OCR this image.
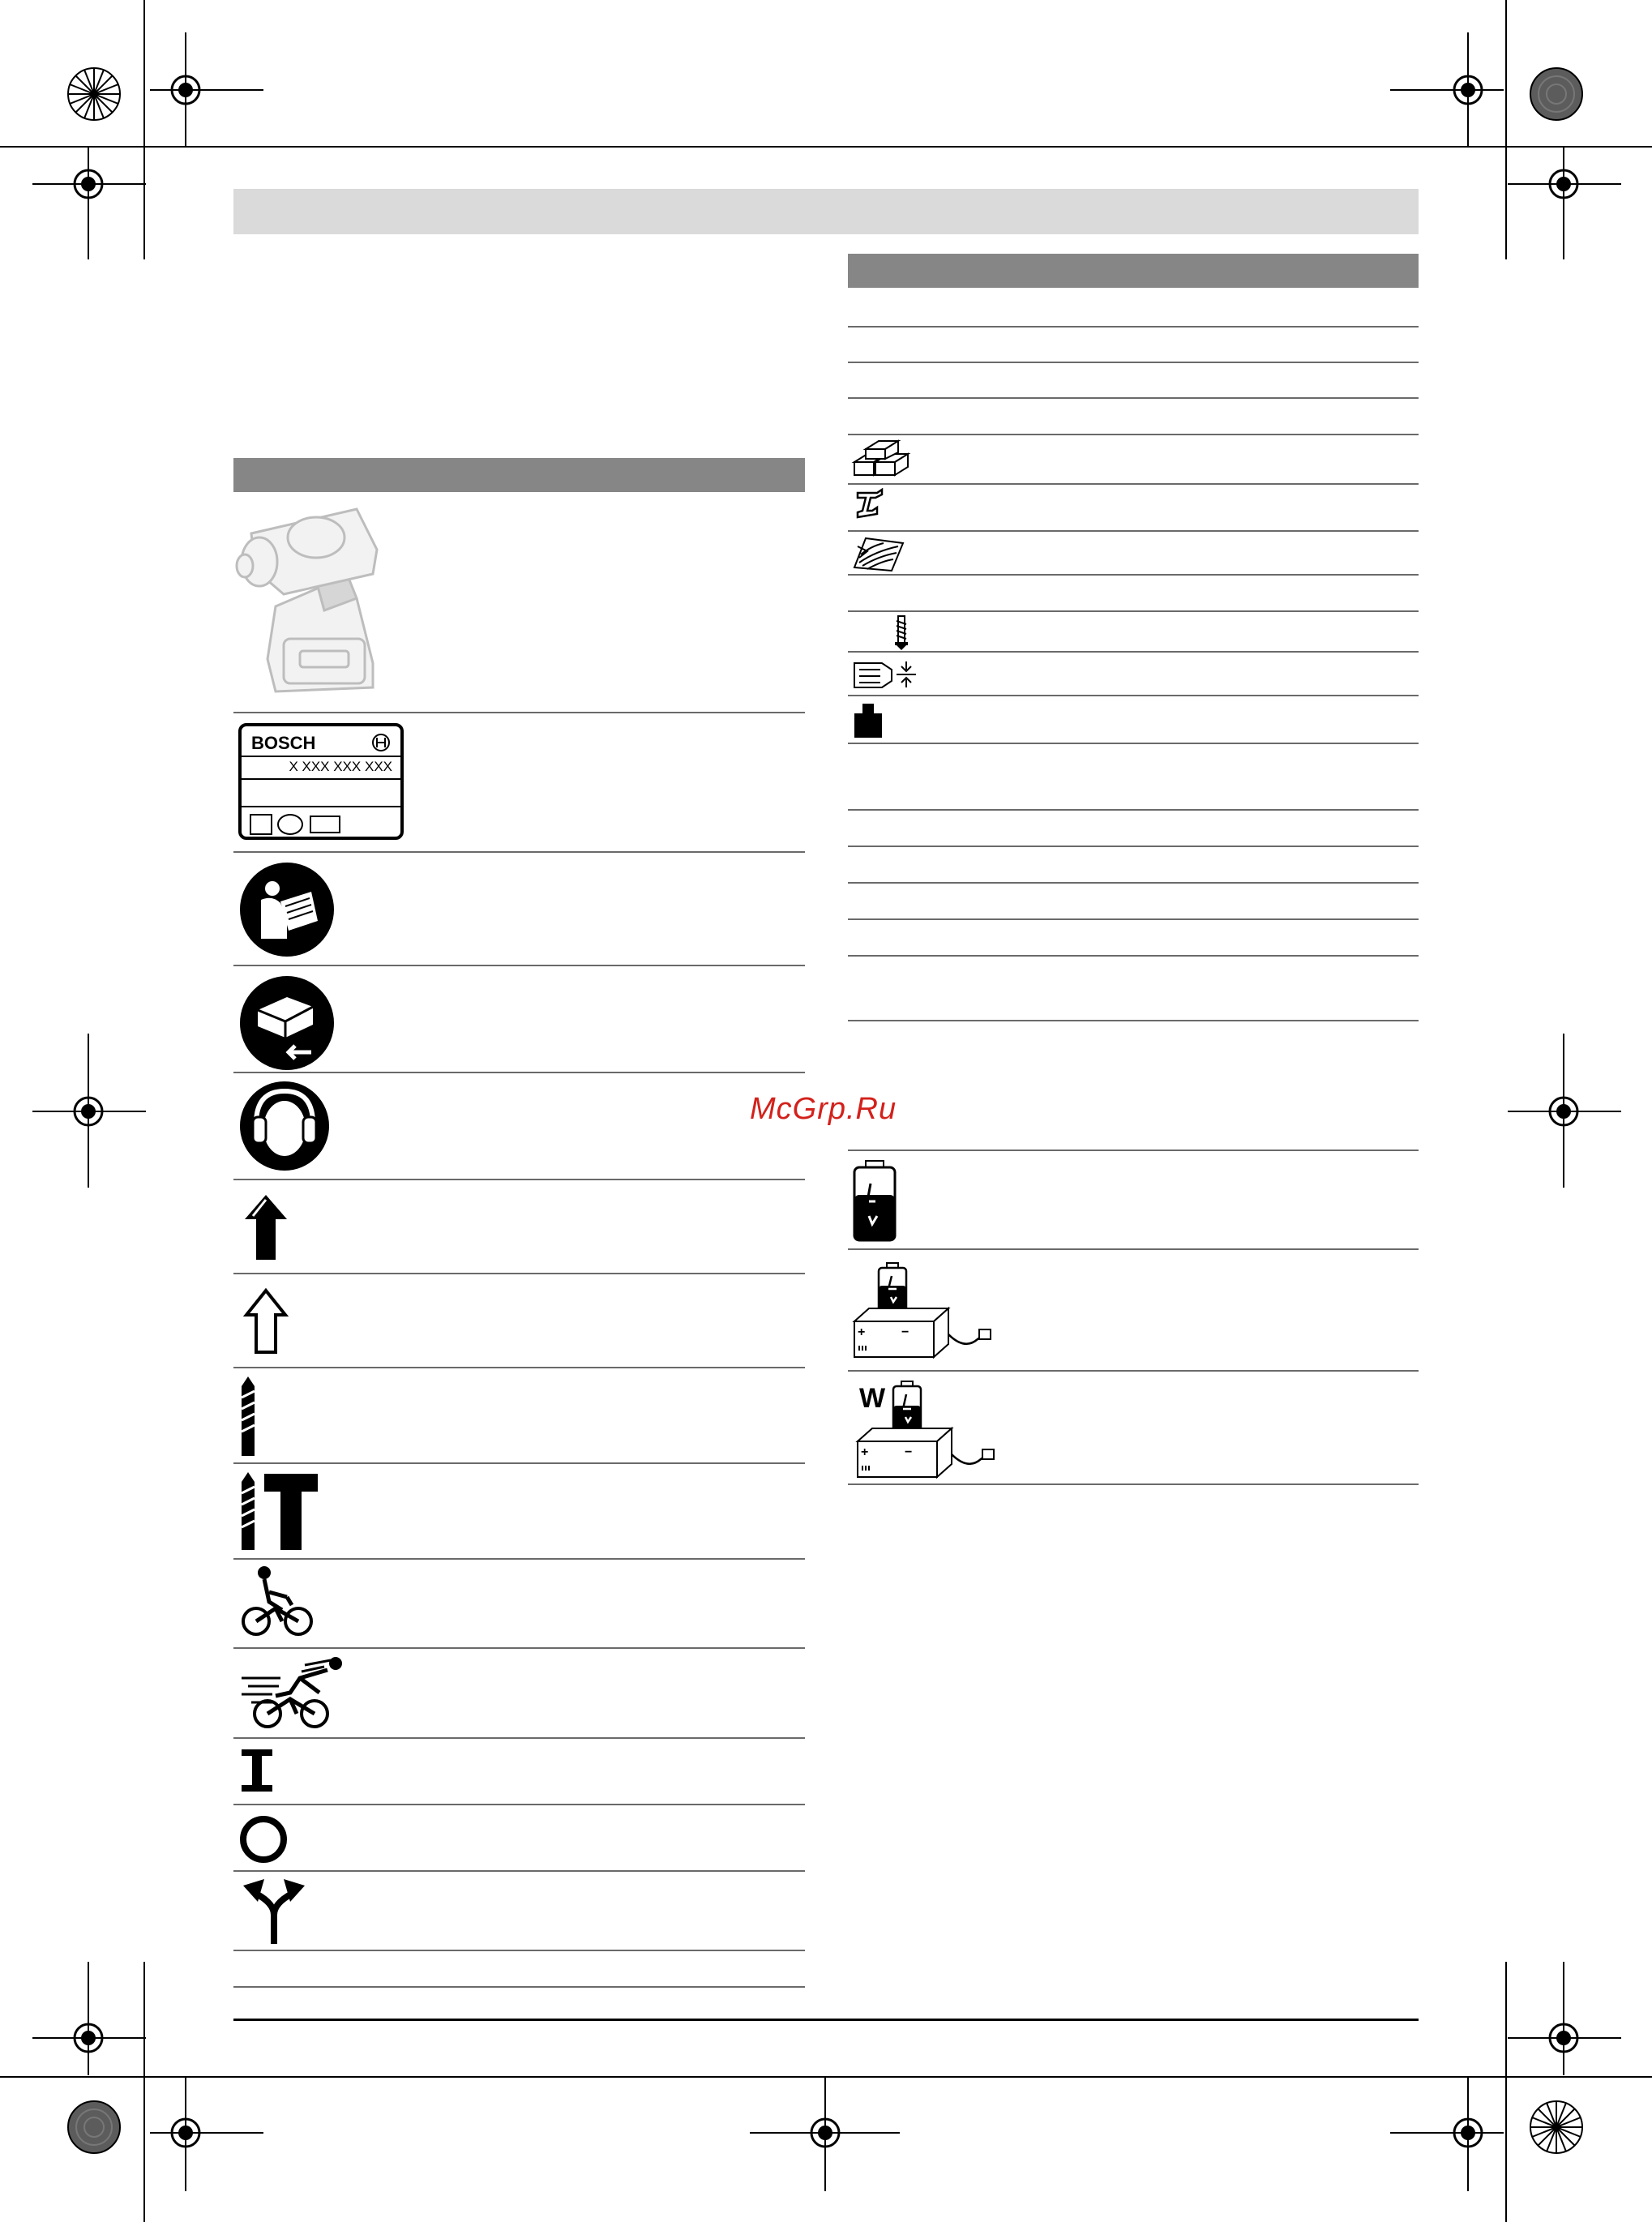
BOSCH
X XXX XXX XXX
McGrp.Ru
+	−
W
+	−
